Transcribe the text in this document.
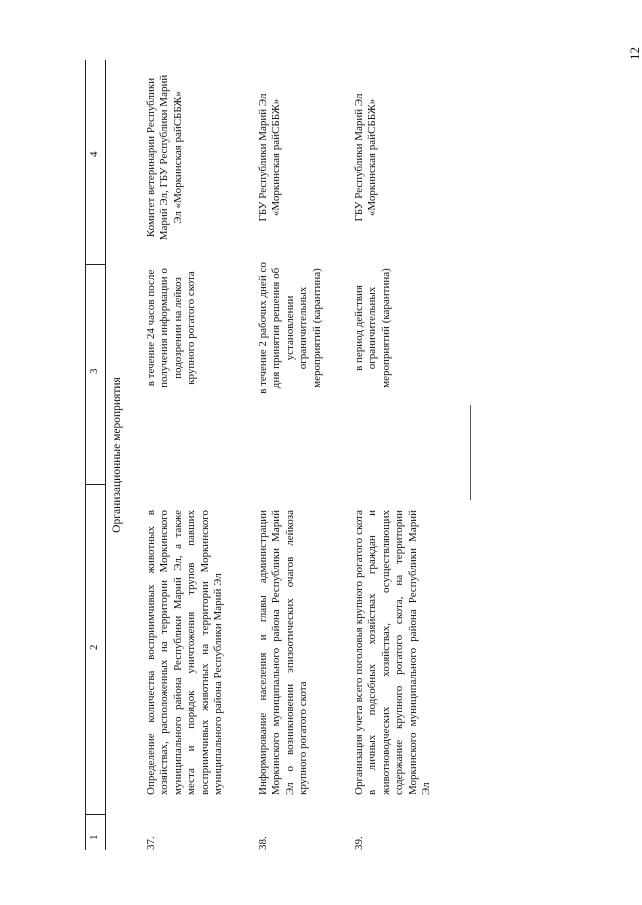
12
1
2
3
4
Организационные мероприятия
37.
Определение количества восприимчивых животных в хозяйствах, расположенных на территории Моркинского муниципального района Республики Марий Эл, а также места и порядок уничтожения трупов павших восприимчивых животных на территории Моркинского муниципального района Республики Марий Эл
в течение 24 часов после получения информации о подозрении на лейкоз крупного рогатого скота
Комитет ветеринарии Республики Марий Эл, ГБУ Республики Марий Эл «Моркинская райСББЖ»
38.
Информирование населения и главы администрации Моркинского муниципального района Республики Марий Эл о возникновении эпизоотических очагов лейкоза крупного рогатого скота
в течение 2 рабочих дней со дня принятия решения об установлении ограничительных мероприятий (карантина)
ГБУ Республики Марий Эл «Моркинская райСББЖ»
39.
Организация учета всего поголовья крупного рогатого скота в личных подсобных хозяйствах граждан и животноводческих хозяйствах, осуществляющих содержание крупного рогатого скота, на территории Моркинского муниципального района Республики Марий Эл
в период действия ограничительных мероприятий (карантина)
ГБУ Республики Марий Эл «Моркинская райСББЖ»
